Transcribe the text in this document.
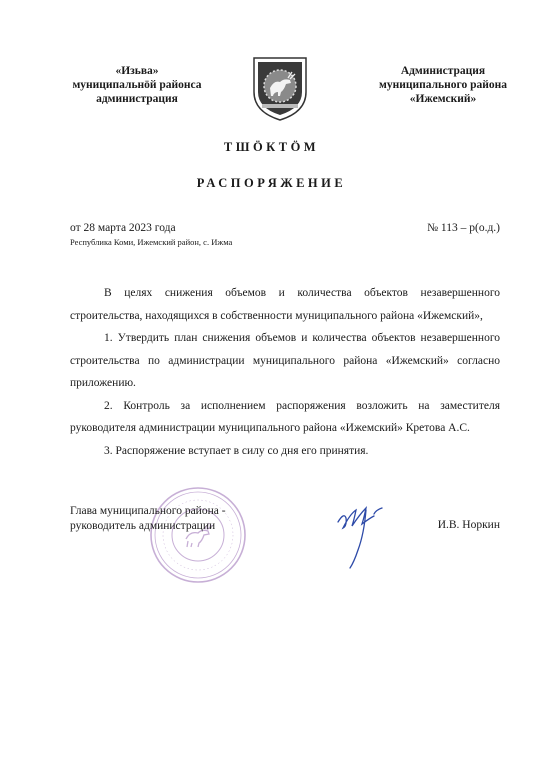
«Изьва»
муниципальнӧй районса
администрация
Администрация
муниципального района
«Ижемский»
ТШӦКТӦМ
РАСПОРЯЖЕНИЕ
от 28 марта 2023 года
Республика Коми, Ижемский район, с. Ижма
№ 113 – р(о.д.)

В целях снижения объемов и количества объектов незавершенного строительства, находящихся в собственности муниципального района «Ижемский»,

1. Утвердить план снижения объемов и количества объектов незавершенного строительства по администрации муниципального района «Ижемский» согласно приложению.

2. Контроль за исполнением распоряжения возложить на заместителя руководителя администрации муниципального района «Ижемский» Кретова А.С.

3. Распоряжение вступает в силу со дня его принятия.

Глава муниципального района -
руководитель администрации	И.В. Норкин
